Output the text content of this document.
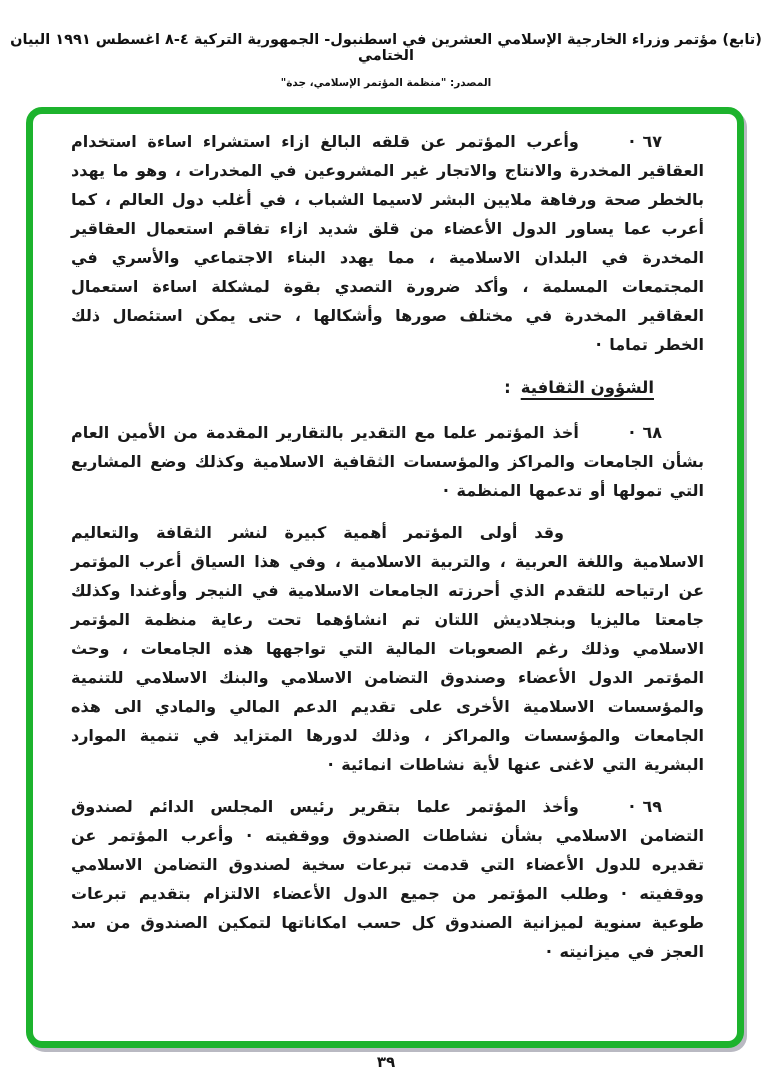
(تابع) مؤتمر وزراء الخارجية الإسلامي العشرين في اسطنبول- الجمهورية التركية ٤-٨ اغسطس ١٩٩١ البيان الختامي
المصدر: "منظمة المؤتمر الإسلامي، جدة"

٦٧ ·وأعرب المؤتمر عن قلقه البالغ ازاء استشراء اساءة استخدام العقاقير المخدرة والانتاج والاتجار غير المشروعين في المخدرات ، وهو ما يهدد بالخطر صحة ورفاهة ملايين البشر لاسيما الشباب ، في أغلب دول العالم ، كما أعرب عما يساور الدول الأعضاء من قلق شديد ازاء تفاقم استعمال العقاقير المخدرة في البلدان الاسلامية ، مما يهدد البناء الاجتماعي والأسري في المجتمعات المسلمة ، وأكد ضرورة التصدي بقوة لمشكلة اساءة استعمال العقاقير المخدرة في مختلف صورها وأشكالها ، حتى يمكن استئصال ذلك الخطر تماما ·

الشؤون الثقافية:

٦٨ ·أخذ المؤتمر علما مع التقدير بالتقارير المقدمة من الأمين العام بشأن الجامعات والمراكز والمؤسسات الثقافية الاسلامية وكذلك وضع المشاريع التي تمولها أو تدعمها المنظمة ·

وقد أولى المؤتمر أهمية كبيرة لنشر الثقافة والتعاليم الاسلامية واللغة العربية ، والتربية الاسلامية ، وفي هذا السياق أعرب المؤتمر عن ارتياحه للتقدم الذي أحرزته الجامعات الاسلامية في النيجر وأوغندا وكذلك جامعتا ماليزيا وبنجلاديش اللتان تم انشاؤهما تحت رعاية منظمة المؤتمر الاسلامي وذلك رغم الصعوبات المالية التي تواجهها هذه الجامعات ، وحث المؤتمر الدول الأعضاء وصندوق التضامن الاسلامي والبنك الاسلامي للتنمية والمؤسسات الاسلامية الأخرى على تقديم الدعم المالي والمادي الى هذه الجامعات والمؤسسات والمراكز ، وذلك لدورها المتزايد في تنمية الموارد البشرية التي لاغنى عنها لأية نشاطات انمائية ·

٦٩ ·وأخذ المؤتمر علما بتقرير رئيس المجلس الدائم لصندوق التضامن الاسلامي بشأن نشاطات الصندوق ووقفيته · وأعرب المؤتمر عن تقديره للدول الأعضاء التي قدمت تبرعات سخية لصندوق التضامن الاسلامي ووقفيته · وطلب المؤتمر من جميع الدول الأعضاء الالتزام بتقديم تبرعات طوعية سنوية لميزانية الصندوق كل حسب امكاناتها لتمكين الصندوق من سد العجز في ميزانيته ·

٣٩
